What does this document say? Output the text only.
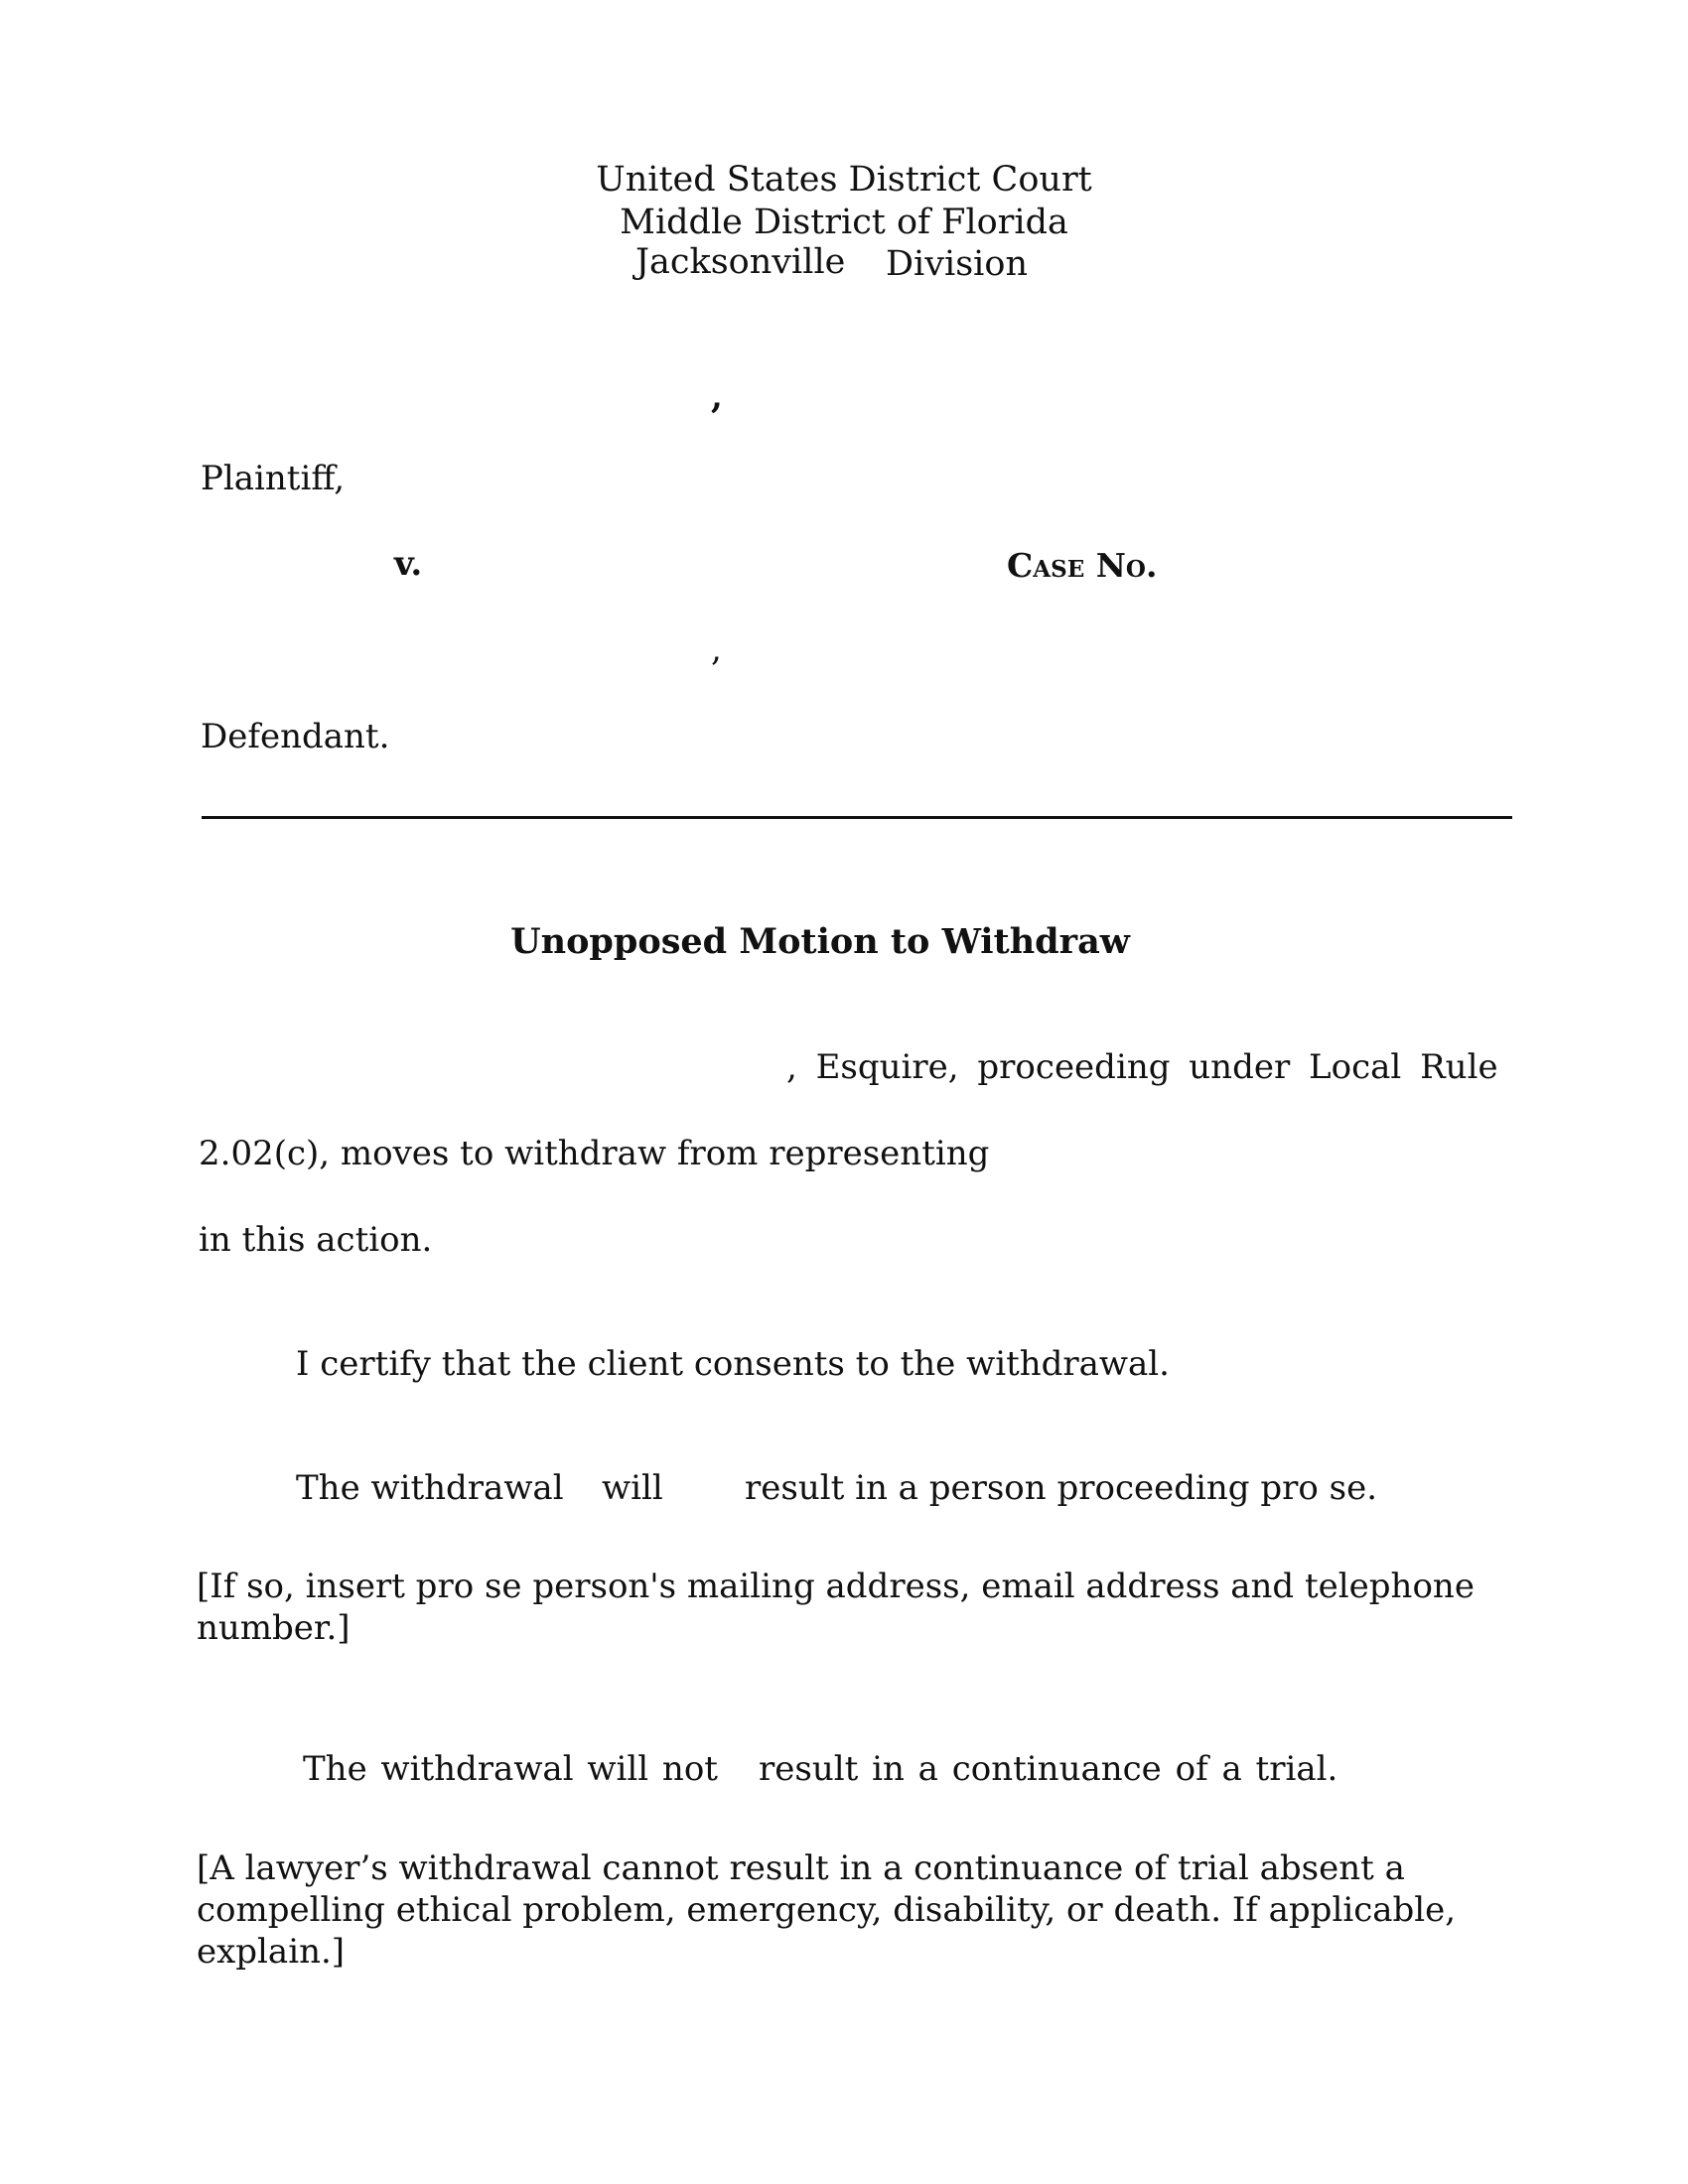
United States District Court
Middle District of Florida
Jacksonville Division
,
Plaintiff,
v.	Case No.
,
Defendant.
Unopposed Motion to Withdraw
, Esquire, proceeding under Local Rule
2.02(c), moves to withdraw from representing
in this action.
I certify that the client consents to the withdrawal.
The withdrawal will result in a person proceeding pro se.
[If so, insert pro se person's mailing address, email address and telephone number.]
The withdrawal will not result in a continuance of a trial.
[A lawyer’s withdrawal cannot result in a continuance of trial absent a compelling ethical problem, emergency, disability, or death. If applicable, explain.]
